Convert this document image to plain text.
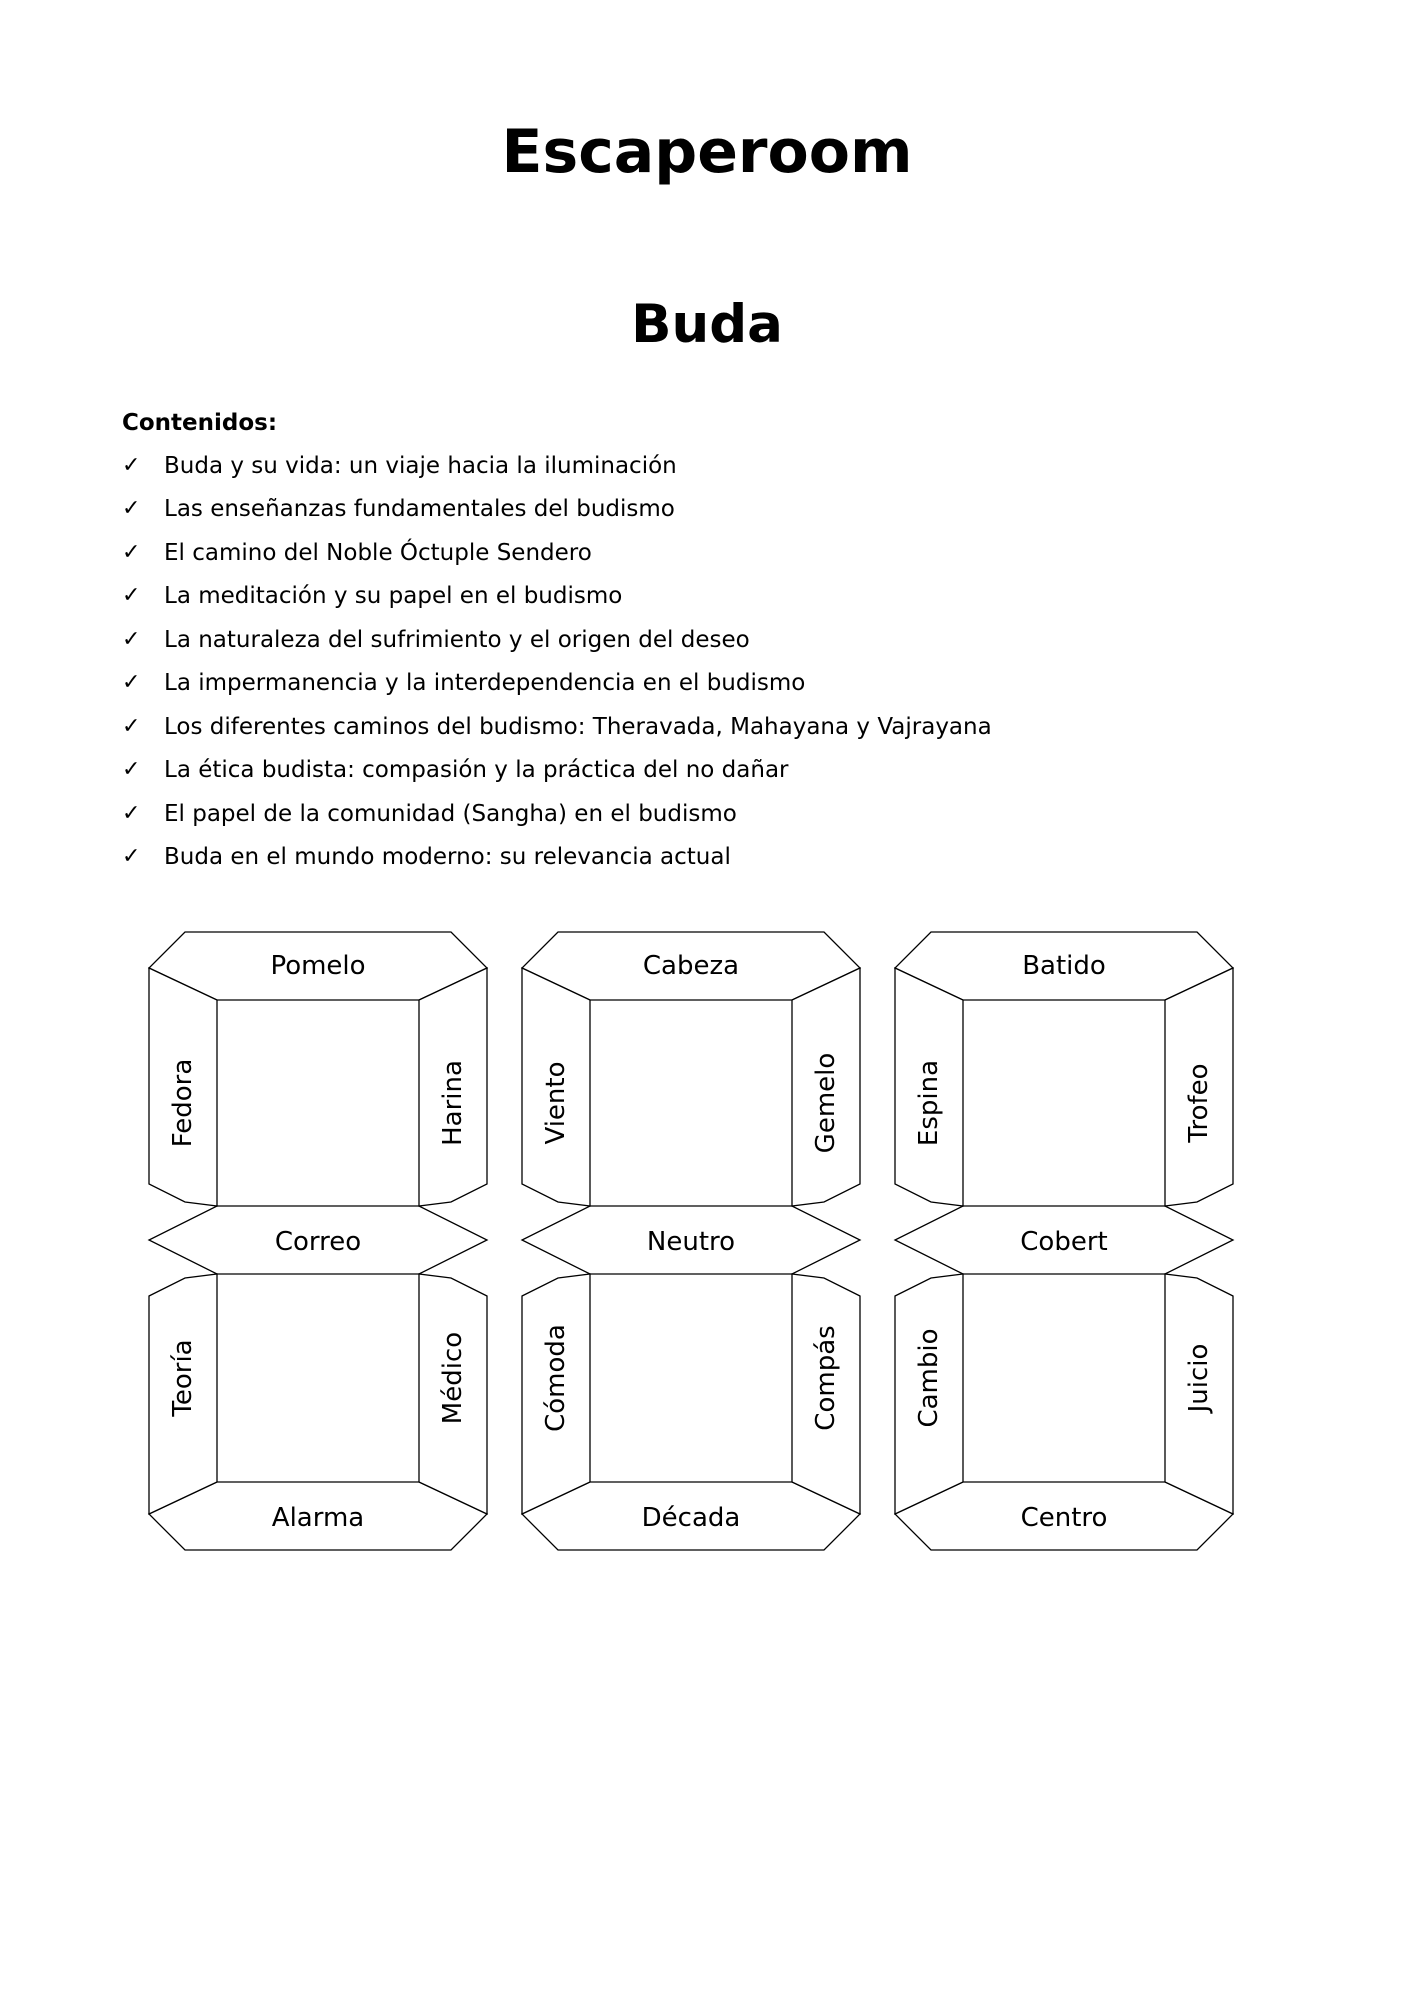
Escaperoom
Buda
Contenidos:
✓	Buda y su vida: un viaje hacia la iluminación
✓	Las enseñanzas fundamentales del budismo
✓	El camino del Noble Óctuple Sendero
✓	La meditación y su papel en el budismo
✓	La naturaleza del sufrimiento y el origen del deseo
✓	La impermanencia y la interdependencia en el budismo
✓	Los diferentes caminos del budismo: Theravada, Mahayana y Vajrayana
✓	La ética budista: compasión y la práctica del no dañar
✓	El papel de la comunidad (Sangha) en el budismo
✓	Buda en el mundo moderno: su relevancia actual
Pomelo
Correo
Alarma
Fedora	Harina
Teoría	Médico
Cabeza
Neutro
Década
Viento	Gemelo
Cómoda	Compás
Batido
Cobert
Centro
Espina	Trofeo
Cambio	Juicio
